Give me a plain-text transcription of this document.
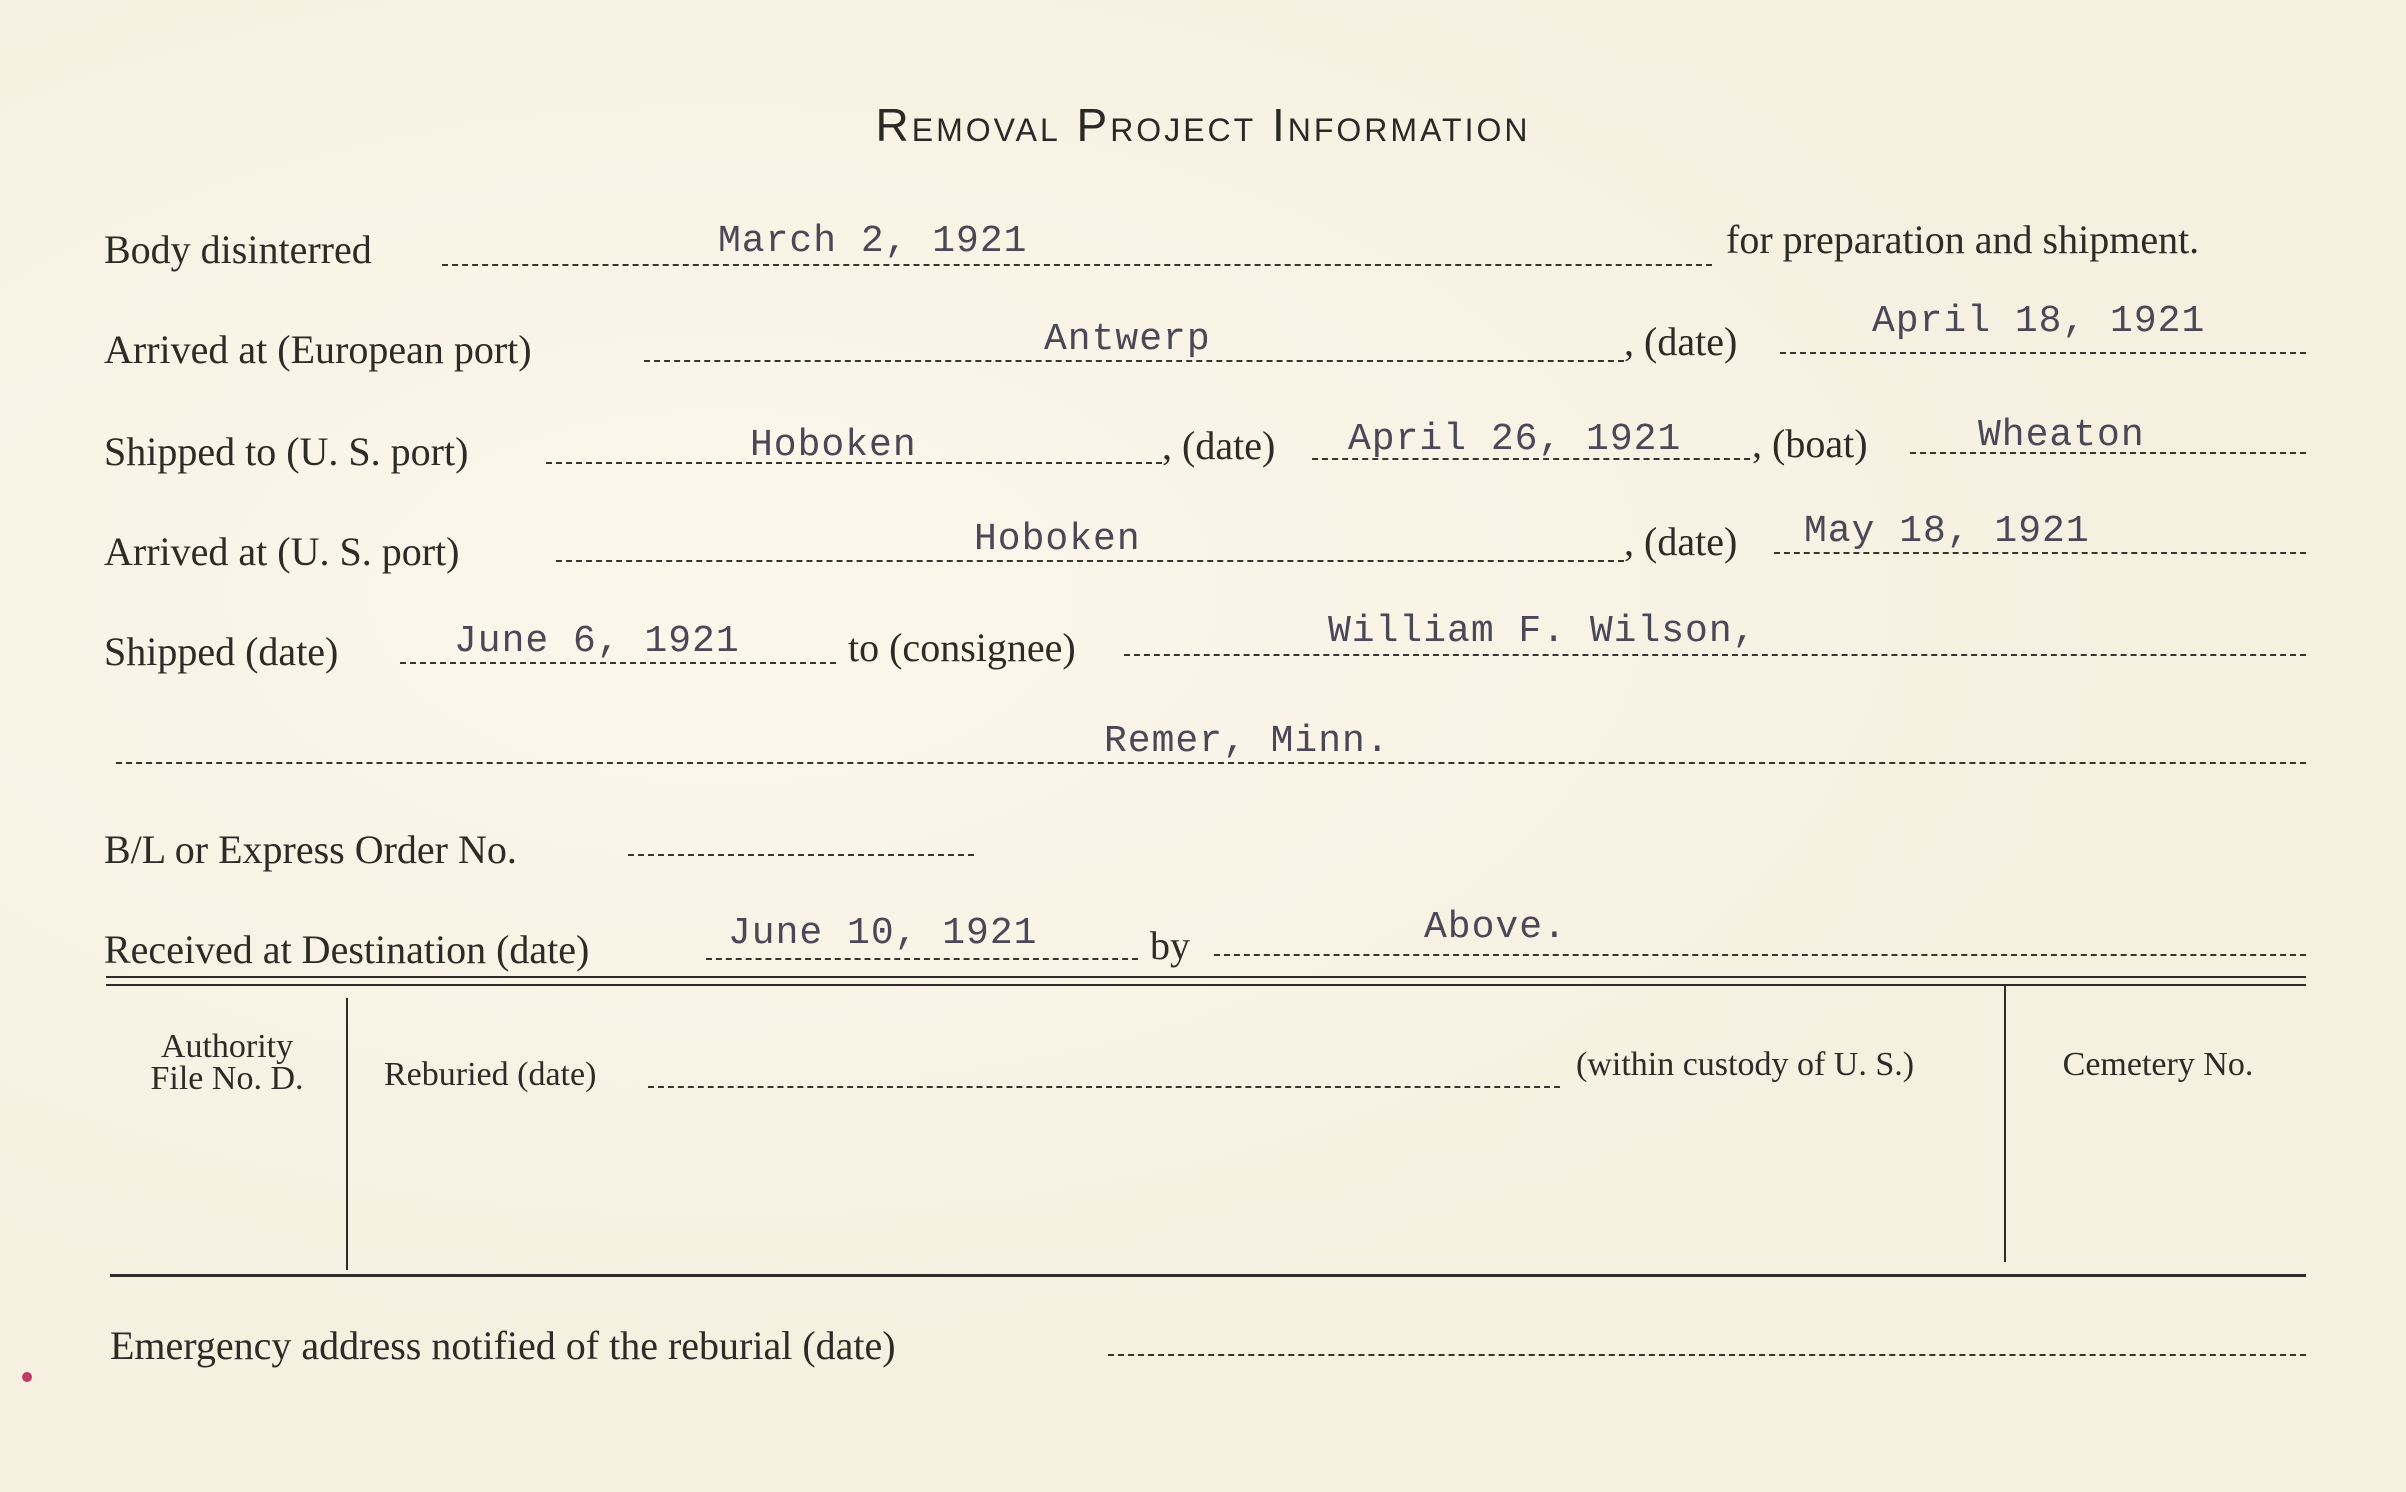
Removal Project Information
Body disinterred	March 2, 1921	for preparation and shipment.
Arrived at (European port)	Antwerp	, (date)	April 18, 1921
Shipped to (U. S. port)	Hoboken	, (date) April 26, 1921 , (boat)	Wheaton
Arrived at (U. S. port)	Hoboken	, (date) May 18, 1921
Shipped (date)	June 6, 1921	to (consignee)	William F. Wilson,
Remer, Minn.
B/L or Express Order No.
Received at Destination (date)	June 10, 1921	by	Above.
Authority
File No. D.	Reburied (date)	(within custody of U. S.)	Cemetery No.
Emergency address notified of the reburial (date)
